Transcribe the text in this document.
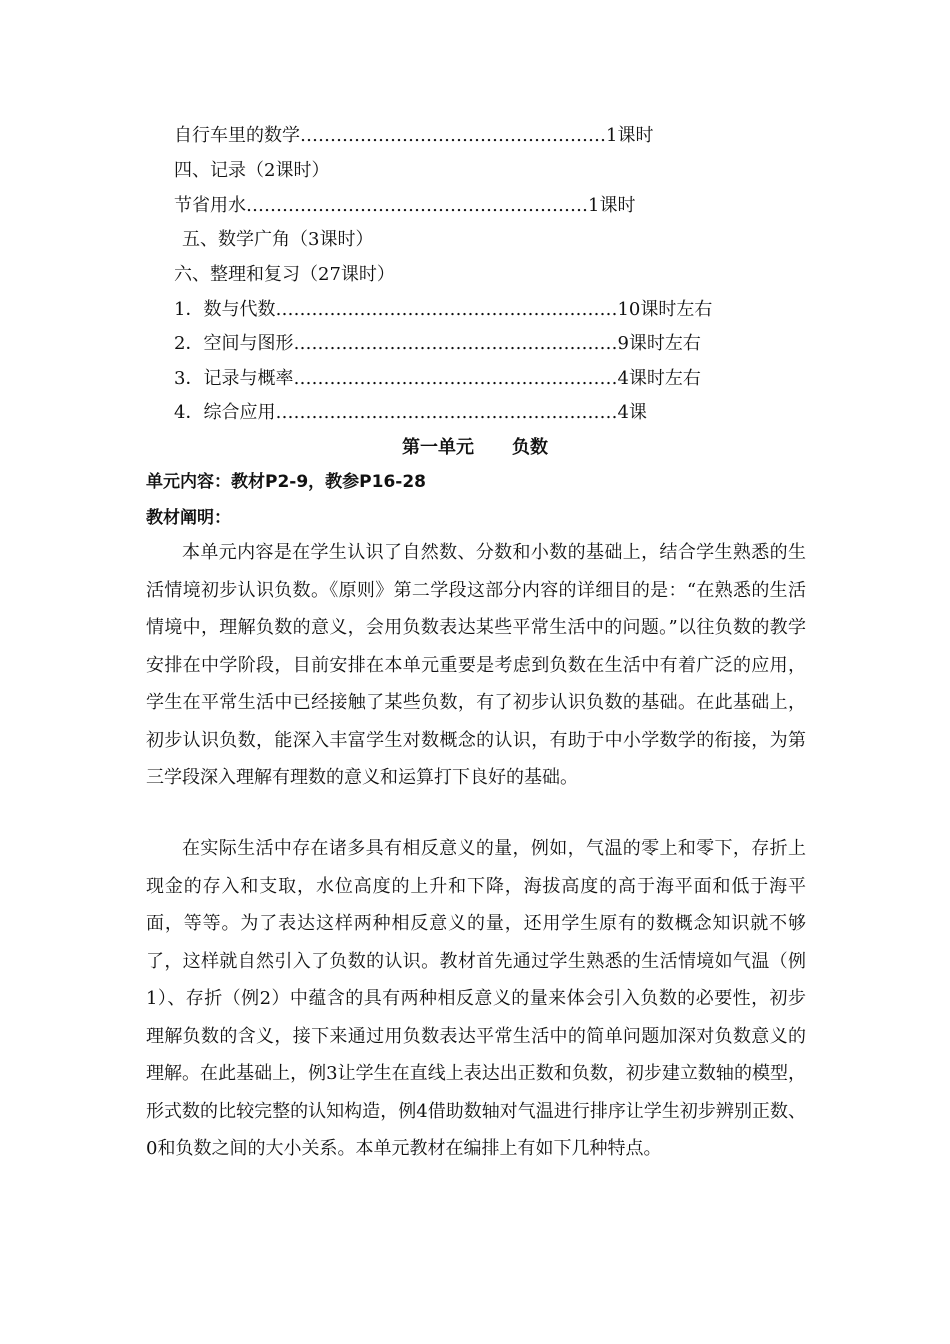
自行车里的数学……………………………………………1课时
四、记录（2课时）
节省用水…………………………………………………1课时
五、数学广角（3课时）
六、整理和复习（27课时）
1．数与代数…………………………………………………10课时左右
2．空间与图形………………………………………………9课时左右
3．记录与概率………………………………………………4课时左右
4．综合应用…………………………………………………4课
第一单元 负数
单元内容：教材P2-9，教参P16-28
教材阐明：

本单元内容是在学生认识了自然数、分数和小数的基础上，结合学生熟悉的生活情境初步认识负数。《原则》第二学段这部分内容的详细目的是：“在熟悉的生活情境中，理解负数的意义，会用负数表达某些平常生活中的问题。”以往负数的教学安排在中学阶段，目前安排在本单元重要是考虑到负数在生活中有着广泛的应用，学生在平常生活中已经接触了某些负数，有了初步认识负数的基础。在此基础上，初步认识负数，能深入丰富学生对数概念的认识，有助于中小学数学的衔接，为第三学段深入理解有理数的意义和运算打下良好的基础。

在实际生活中存在诸多具有相反意义的量，例如，气温的零上和零下，存折上现金的存入和支取，水位高度的上升和下降，海拔高度的高于海平面和低于海平面，等等。为了表达这样两种相反意义的量，还用学生原有的数概念知识就不够了，这样就自然引入了负数的认识。教材首先通过学生熟悉的生活情境如气温（例1）、存折（例2）中蕴含的具有两种相反意义的量来体会引入负数的必要性，初步理解负数的含义，接下来通过用负数表达平常生活中的简单问题加深对负数意义的理解。在此基础上，例3让学生在直线上表达出正数和负数，初步建立数轴的模型，形式数的比较完整的认知构造，例4借助数轴对气温进行排序让学生初步辨别正数、0和负数之间的大小关系。本单元教材在编排上有如下几种特点。
